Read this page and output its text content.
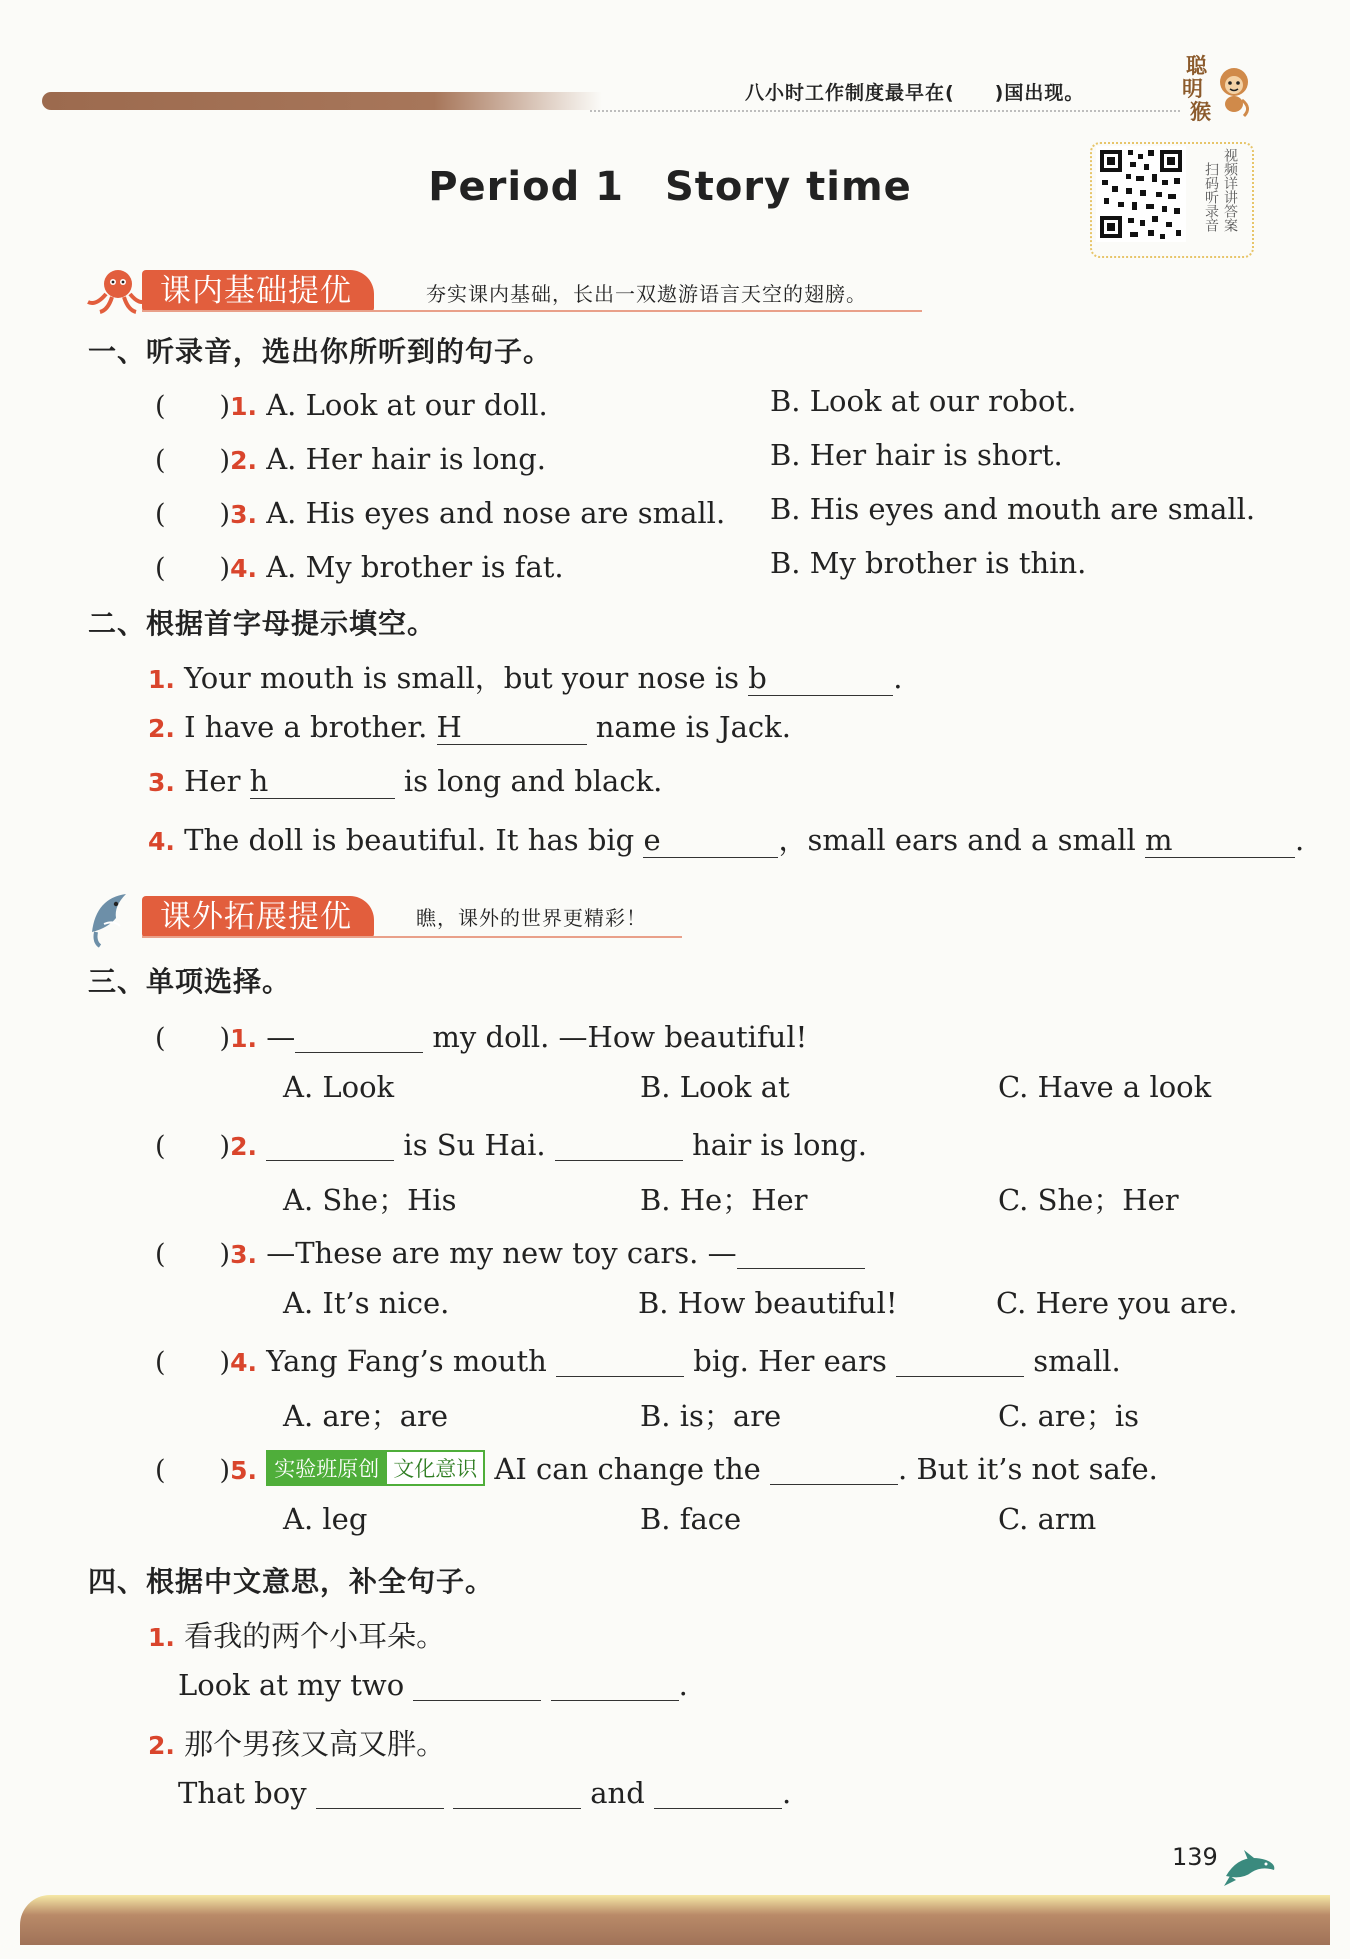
八小时工作制度最早在(　　)国出现。
聪
明
猴
Period 1　Story time	扫码听录音 视频详讲答案
课内基础提优	夯实课内基础，长出一双遨游语言天空的翅膀。
一、听录音，选出你所听到的句子。
(　　)1. A. Look at our doll.	B. Look at our robot.
(　　)2. A. Her hair is long.	B. Her hair is short.
(　　)3. A. His eyes and nose are small. B. His eyes and mouth are small.
(　　)4. A. My brother is fat.	B. My brother is thin.
二、根据首字母提示填空。
1. Your mouth is small，but your nose is b	.
2. I have a brother. H	name is Jack.
3. Her h	is long and black.
4. The doll is beautiful. It has big e	，small ears and a small m	.
课外拓展提优	瞧，课外的世界更精彩！
三、单项选择。
(　　)1. —	my doll. —How beautiful!
A. Look	B. Look at	C. Have a look
(　　)2.	is Su Hai.	hair is long.
A. She；His	B. He；Her	C. She；Her
(　　)3. —These are my new toy cars. —
A. It’s nice.	B. How beautiful!	C. Here you are.
(　　)4. Yang Fang’s mouth	big. Her ears	small.
A. are；are	B. is；are	C. are；is
(　　)5. 实验班原创 文化意识 AI can change the	. But it’s not safe.
A. leg	B. face	C. arm
四、根据中文意思，补全句子。
1. 看我的两个小耳朵。
Look at my two	.
2. 那个男孩又高又胖。
That boy	and	.
139
